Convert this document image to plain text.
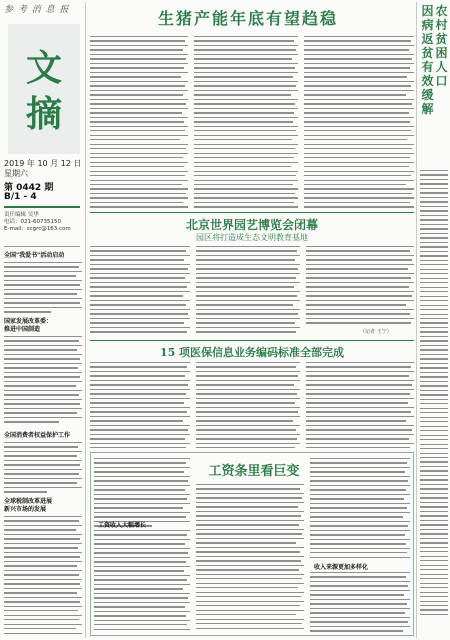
参 考 消 息 报
文
摘
2019 年 10 月 12 日
星期六
第 0442 期
B/1 - 4
责任编辑 吴华
电话：021-60735150
E-mail：scgrc@163.com
全国"我爱书"活动启动
国家发展改革委：
推进中国制造
全国消费者权益保护工作
全球税制改革进展
新兴市场的发展
生猪产能年底有望趋稳	农村贫困人口
因病返贫有效缓解
北京世界园艺博览会闭幕
园区将打造成生态文明教育基地
（记者 王宁）
15 项医保信息业务编码标准全部完成
工资收入大幅增长
工资条里看巨变
收入来源更加多样化
